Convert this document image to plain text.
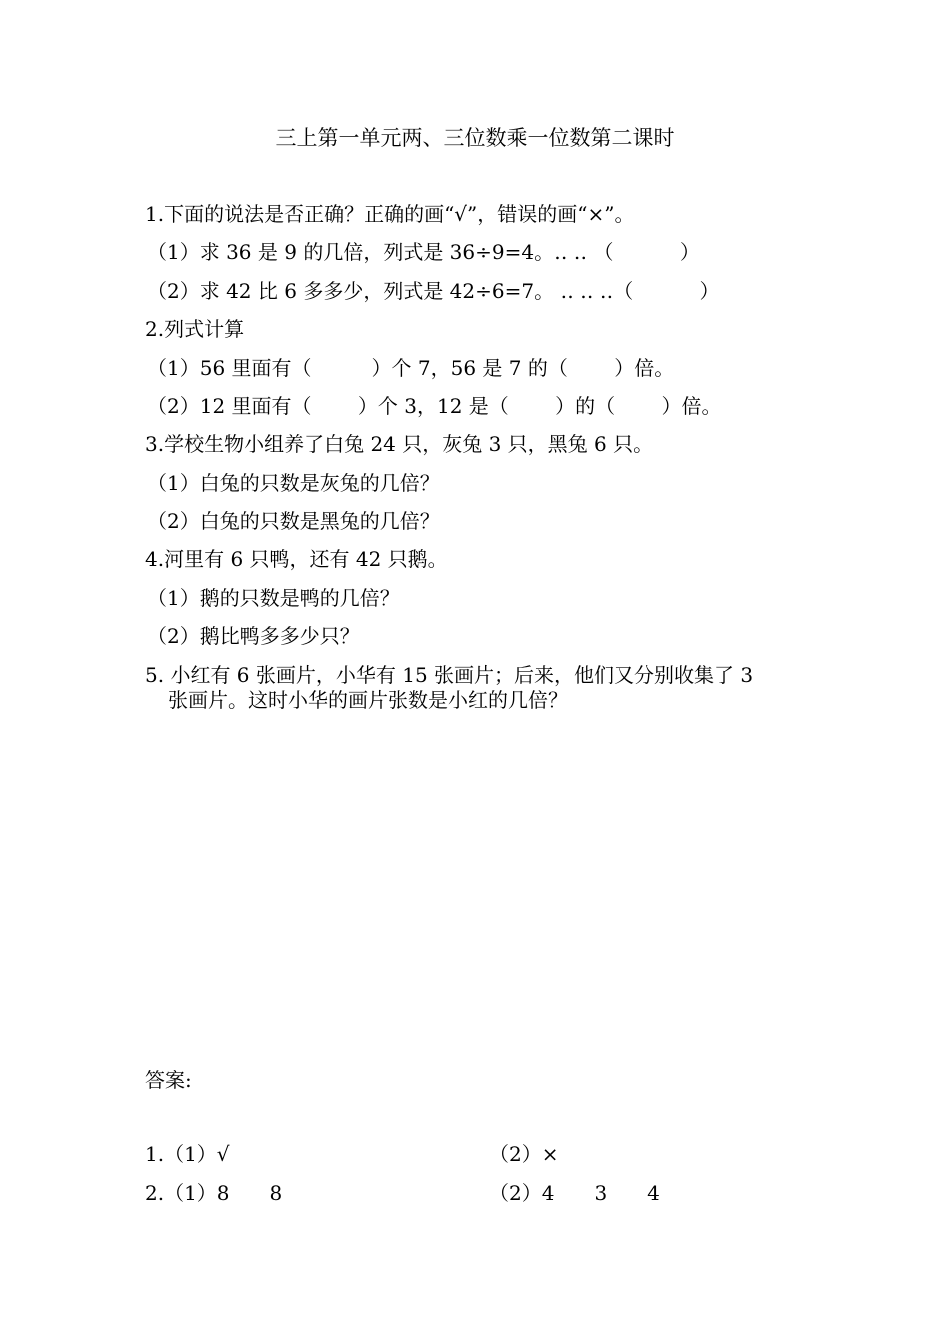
三上第一单元两、三位数乘一位数第二课时
1.下面的说法是否正确？正确的画“√”，错误的画“×”。
（1）求 36 是 9 的几倍，列式是 36÷9=4。‥ ‥ （　　　 ）
（2）求 42 比 6 多多少，列式是 42÷6=7。 ‥ ‥ ‥（　　　 ）
2.列式计算
（1）56 里面有（　　　）个 7，56 是 7 的（　　 ）倍。
（2）12 里面有（　　 ）个 3，12 是（　　 ）的（　　 ）倍。
3.学校生物小组养了白兔 24 只，灰兔 3 只，黑兔 6 只。
（1）白兔的只数是灰兔的几倍？
（2）白兔的只数是黑兔的几倍？
4.河里有 6 只鸭，还有 42 只鹅。
（1）鹅的只数是鸭的几倍？
（2）鹅比鸭多多少只？
5. 小红有 6 张画片，小华有 15 张画片；后来，他们又分别收集了 3
张画片。这时小华的画片张数是小红的几倍？
答案:
1.（1）√	（2）×
2.（1）8　　8	（2）4　　3　　4
